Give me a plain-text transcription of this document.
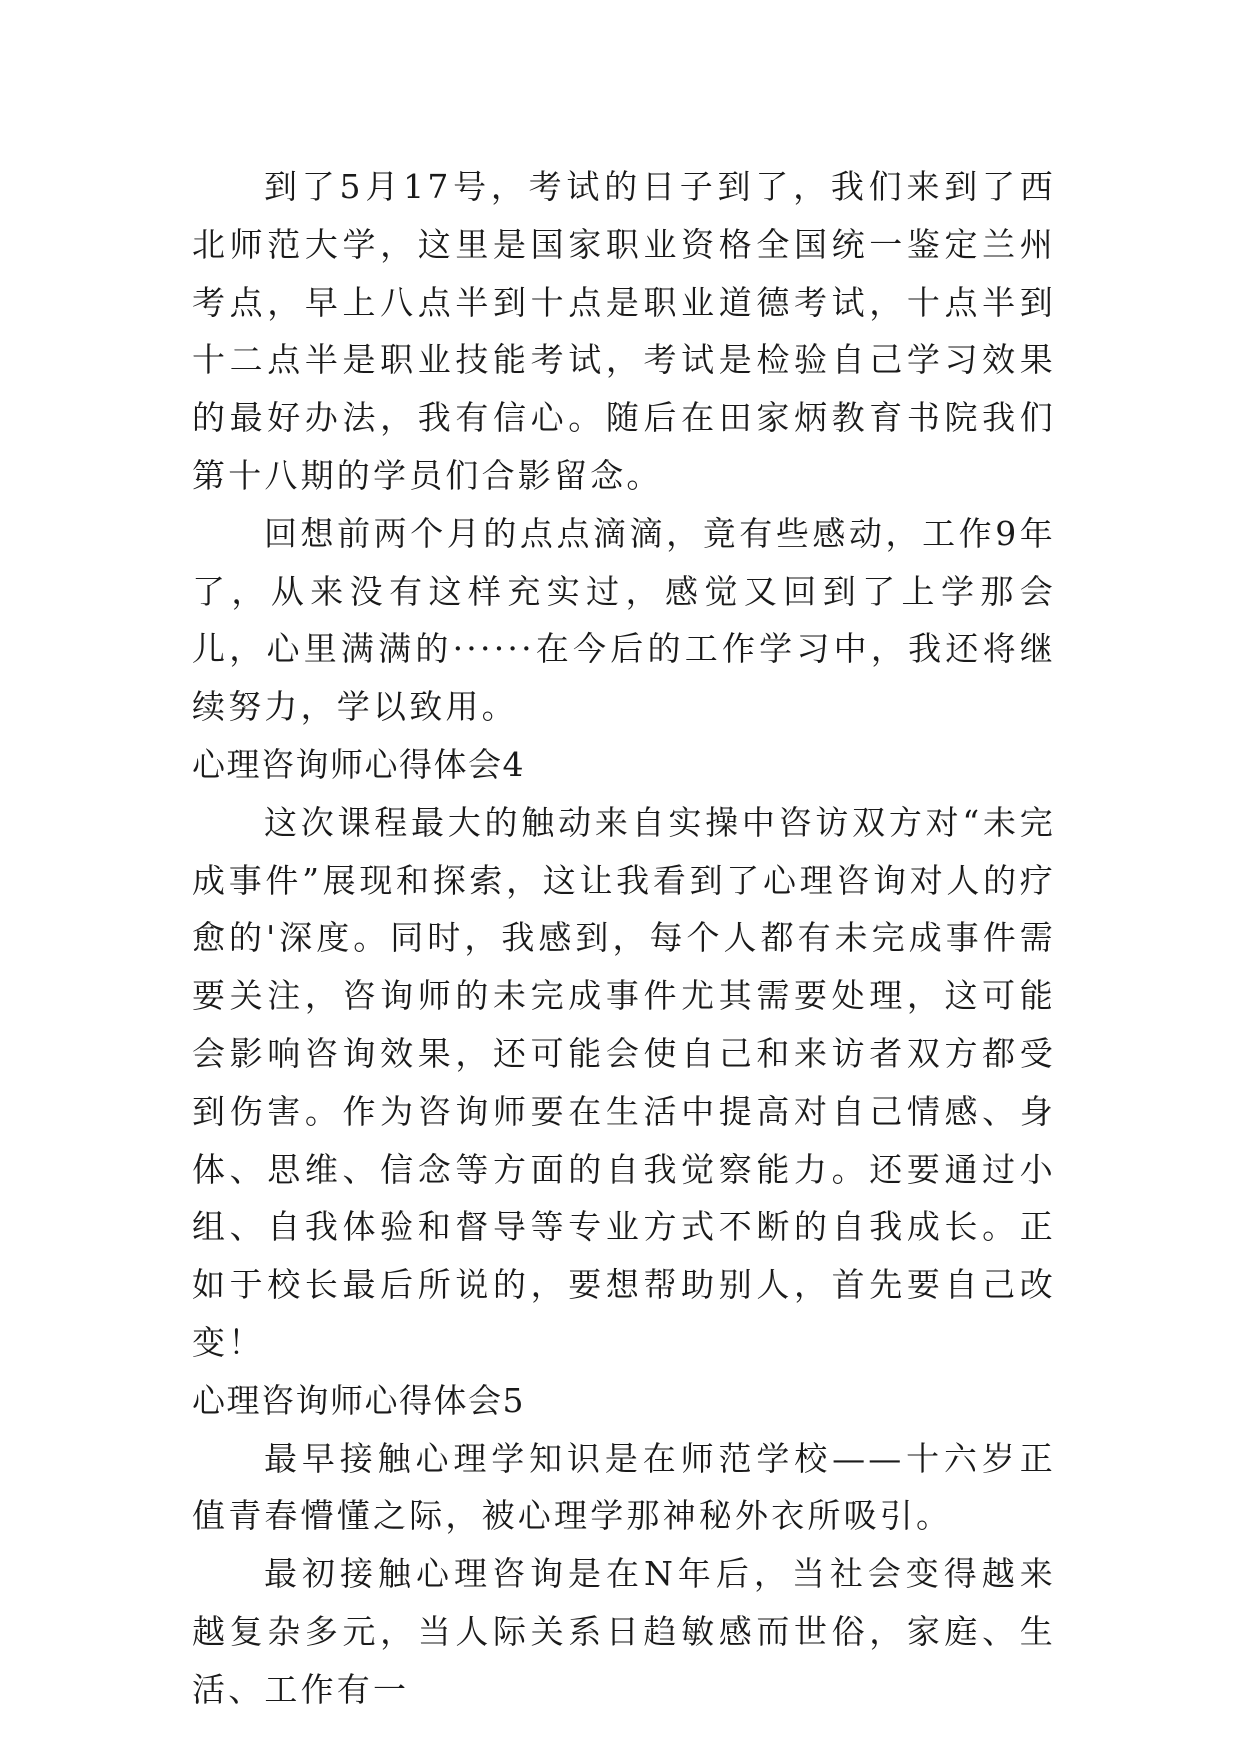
到了5月17号，考试的日子到了，我们来到了西北师范大学，这里是国家职业资格全国统一鉴定兰州考点，早上八点半到十点是职业道德考试，十点半到十二点半是职业技能考试，考试是检验自己学习效果的最好办法，我有信心。随后在田家炳教育书院我们第十八期的学员们合影留念。

回想前两个月的点点滴滴，竟有些感动，工作9年了，从来没有这样充实过，感觉又回到了上学那会儿，心里满满的······在今后的工作学习中，我还将继续努力，学以致用。

心理咨询师心得体会4

这次课程最大的触动来自实操中咨访双方对“未完成事件”展现和探索，这让我看到了心理咨询对人的疗愈的'深度。同时，我感到，每个人都有未完成事件需要关注，咨询师的未完成事件尤其需要处理，这可能会影响咨询效果，还可能会使自己和来访者双方都受到伤害。作为咨询师要在生活中提高对自己情感、身体、思维、信念等方面的自我觉察能力。还要通过小组、自我体验和督导等专业方式不断的自我成长。正如于校长最后所说的，要想帮助别人，首先要自己改变！

心理咨询师心得体会5

最早接触心理学知识是在师范学校——十六岁正值青春懵懂之际，被心理学那神秘外衣所吸引。

最初接触心理咨询是在N年后，当社会变得越来越复杂多元，当人际关系日趋敏感而世俗，家庭、生活、工作有一
